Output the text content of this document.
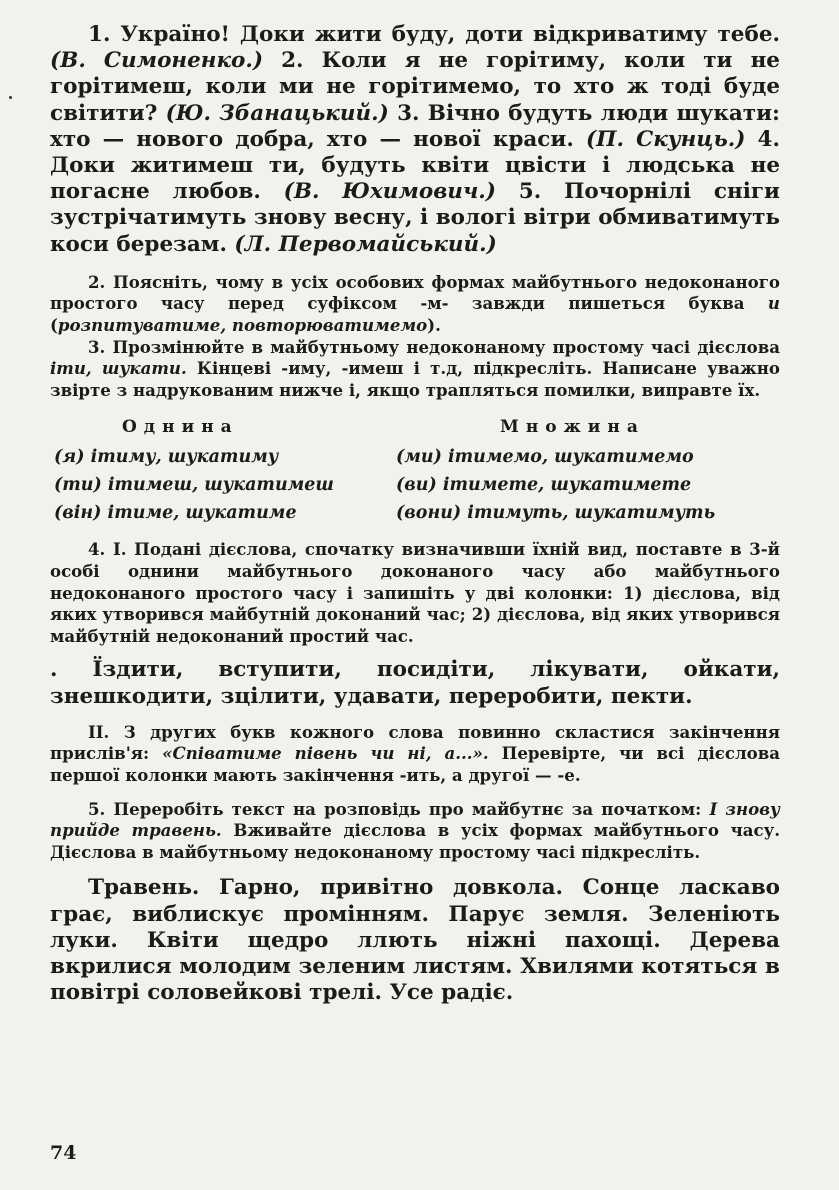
1. Україно! Доки жити буду, доти відкриватиму тебе. (В. Симоненко.) 2. Коли я не горітиму, коли ти не горітимеш, коли ми не горітимемо, то хто ж тоді буде світити? (Ю. Збанацький.) 3. Вічно будуть люди шукати: хто — нового добра, хто — нової краси. (П. Скунць.) 4. Доки житимеш ти, будуть квіти цвісти і людська не погасне любов. (В. Юхимович.) 5. Почорнілі сніги зустрічатимуть знову весну, і вологі вітри обмиватимуть коси березам. (Л. Первомайський.)

2. Поясніть, чому в усіх особових формах майбутнього недоконаного простого часу перед суфіксом -м- завжди пишеться буква и (розпитуватиме, повторюватимемо).

3. Прозмінюйте в майбутньому недоконаному простому часі дієслова іти, шукати. Кінцеві -иму, -имеш і т.д, підкресліть. Написане уважно звірте з надрукованим нижче і, якщо трапляться помилки, виправте їх.

Однина	Множина
(я) ітиму, шукатиму
(ти) ітимеш, шукатимеш
(він) ітиме, шукатиме
(ми) ітимемо, шукатимемо
(ви) ітимете, шукатимете
(вони) ітимуть, шукатимуть

4. І. Подані дієслова, спочатку визначивши їхній вид, поставте в 3-й особі однини майбутнього доконаного часу або майбутнього недоконаного простого часу і запишіть у дві колонки: 1) дієслова, від яких утворився майбутній доконаний час; 2) дієслова, від яких утворився майбутній недоконаний простий час.

. Їздити, вступити, посидіти, лікувати, ойкати, знешкодити, зцілити, удавати, переробити, пекти.

II. З других букв кожного слова повинно скластися закінчення прислів'я: «Співатиме півень чи ні, а...». Перевірте, чи всі дієслова першої колонки мають закінчення -ить, а другої — -е.

5. Переробіть текст на розповідь про майбутнє за початком: І знову прийде травень. Вживайте дієслова в усіх формах майбутнього часу. Дієслова в майбутньому недоконаному простому часі підкресліть.

Травень. Гарно, привітно довкола. Сонце ласкаво грає, виблискує промінням. Парує земля. Зеленіють луки. Квіти щедро ллють ніжні пахощі. Дерева вкрилися молодим зеленим листям. Хвилями котяться в повітрі соловейкові трелі. Усе радіє.

74
